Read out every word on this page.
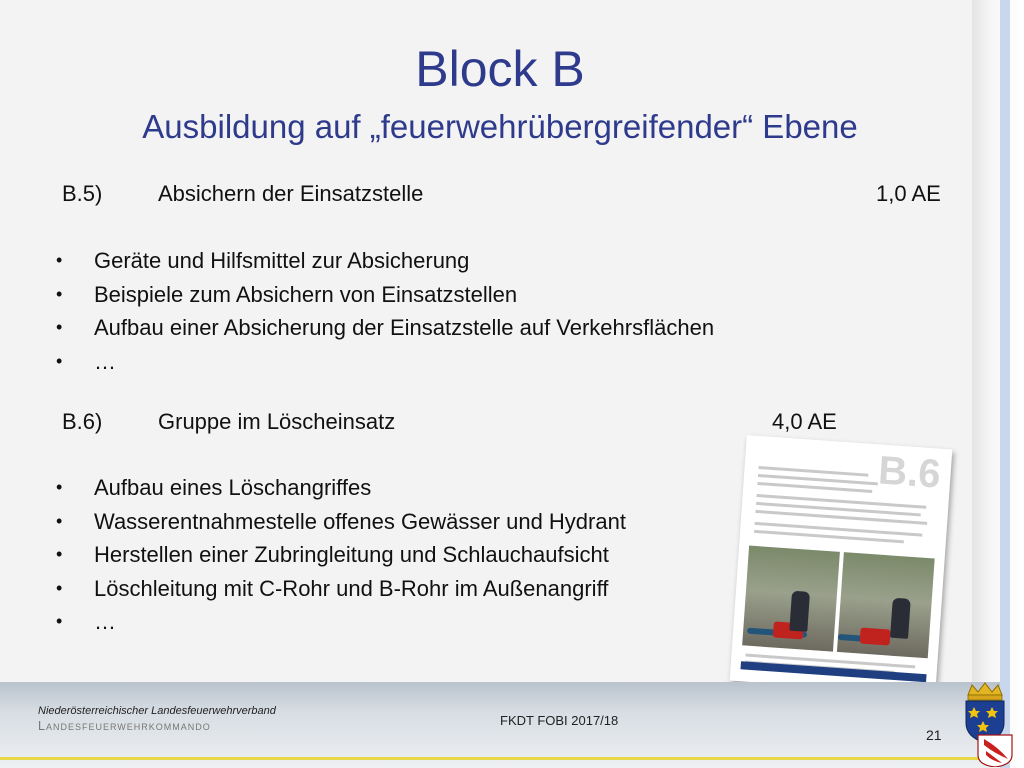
Block B
Ausbildung auf „feuerwehrübergreifender“ Ebene
B.5)	Absichern der Einsatzstelle	1,0 AE
• Geräte und Hilfsmittel zur Absicherung
• Beispiele zum Absichern von Einsatzstellen
• Aufbau einer Absicherung der Einsatzstelle auf Verkehrsflächen
• …
B.6)	Gruppe im Löscheinsatz	4,0 AE
• Aufbau eines Löschangriffes
• Wasserentnahmestelle offenes Gewässer und Hydrant
• Herstellen einer Zubringleitung und Schlauchaufsicht
• Löschleitung mit C-Rohr und B-Rohr im Außenangriff
• …
B.6
Niederösterreichischer Landesfeuerwehrverband
Landesfeuerwehrkommando	FKDT FOBI 2017/18
21
